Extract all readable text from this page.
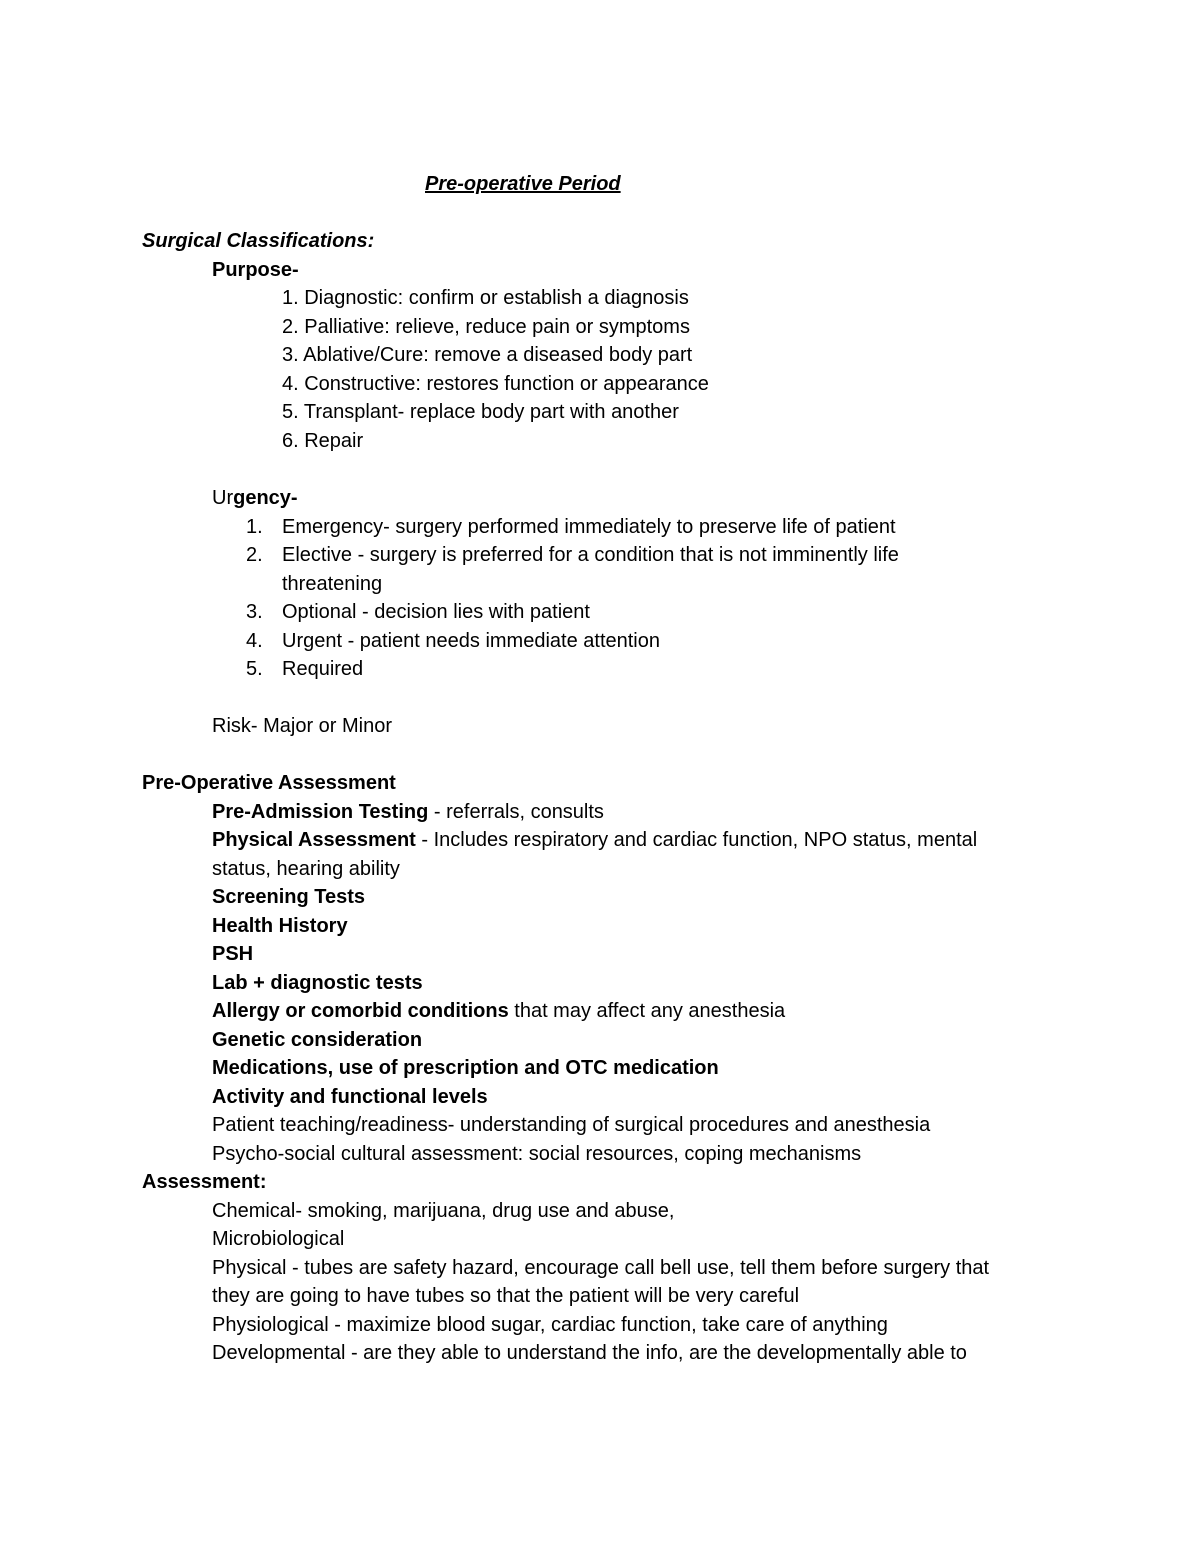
Pre-operative Period
Surgical Classifications:
Purpose-
1. Diagnostic: confirm or establish a diagnosis
2. Palliative: relieve, reduce pain or symptoms
3. Ablative/Cure: remove a diseased body part
4. Constructive: restores function or appearance
5. Transplant- replace body part with another
6. Repair
Urgency-
1. Emergency- surgery performed immediately to preserve life of patient
2. Elective - surgery is preferred for a condition that is not imminently life
threatening
3. Optional - decision lies with patient
4. Urgent - patient needs immediate attention
5. Required
Risk- Major or Minor
Pre-Operative Assessment
Pre-Admission Testing - referrals, consults
Physical Assessment - Includes respiratory and cardiac function, NPO status, mental
status, hearing ability
Screening Tests
Health History
PSH
Lab + diagnostic tests
Allergy or comorbid conditions that may affect any anesthesia
Genetic consideration
Medications, use of prescription and OTC medication
Activity and functional levels
Patient teaching/readiness- understanding of surgical procedures and anesthesia
Psycho-social cultural assessment: social resources, coping mechanisms
Assessment:
Chemical- smoking, marijuana, drug use and abuse,
Microbiological
Physical - tubes are safety hazard, encourage call bell use, tell them before surgery that
they are going to have tubes so that the patient will be very careful
Physiological - maximize blood sugar, cardiac function, take care of anything
Developmental - are they able to understand the info, are the developmentally able to
